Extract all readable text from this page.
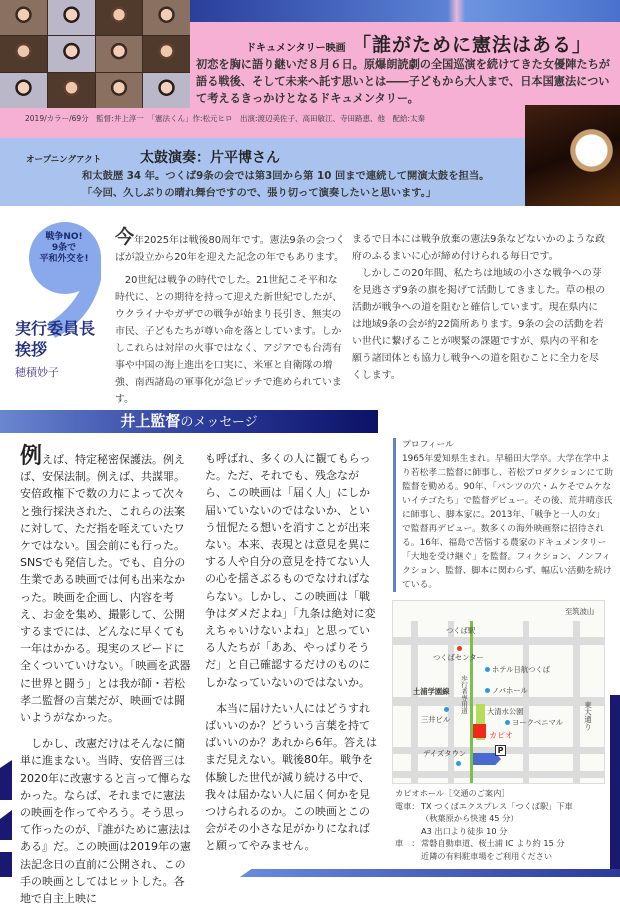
ドキュメンタリー映画 「誰がために憲法はある」
初恋を胸に語り継いだ８月６日。原爆朗読劇の全国巡演を続けてきた女優陣たちが語る戦後、そして未来へ託す思いとは――子どもから大人まで、日本国憲法について考えるきっかけとなるドキュメンタリー。
2019/カラー/69分　監督:井上淳一　「憲法くん」作:松元ヒロ　出演:渡辺美佐子、高田敏江、寺田路恵、他　配給:太秦
オープニングアクト	太鼓演奏：片平博さん
和太鼓歴 34 年。つくば9条の会では第3回から第 10 回まで連続して開演太鼓を担当。
「今回、久しぶりの晴れ舞台ですので、張り切って演奏したいと思います。」
戦争NO!
9条で
平和外交を!
実行委員長
挨拶
穂積妙子

今年2025年は戦後80周年です。憲法9条の会つくばが設立から20年を迎えた記念の年でもあります。

20世紀は戦争の時代でした。21世紀こそ平和な時代に、との期待を持って迎えた新世紀でしたが、ウクライナやガザでの戦争が始まり長引き、無実の市民、子どもたちが尊い命を落としています。しかしこれらは対岸の火事ではなく、アジアでも台湾有事や中国の海上進出を口実に、米軍と自衛隊の増強、南西諸島の軍事化が急ピッチで進められています。

まるで日本には戦争放棄の憲法9条などないかのような政府のふるまいに心が締め付けられる毎日です。

しかしこの20年間、私たちは地域の小さな戦争への芽を見逃さず9条の旗を掲げて活動してきました。草の根の活動が戦争への道を阻むと確信しています。現在県内には地域9条の会が約22箇所あります。9条の会の活動を若い世代に繋げることが喫緊の課題ですが、県内の平和を願う諸団体とも協力し戦争への道を阻むことに全力を尽くします。

井上監督のメッセージ

例えば、特定秘密保護法。例えば、安保法制。例えば、共謀罪。安倍政権下で数の力によって次々と強行採決された、これらの法案に対して、ただ指を咥えていたワケではない。国会前にも行った。SNSでも発信した。でも、自分の生業である映画では何も出来なかった。映画を企画し、内容を考え、お金を集め、撮影して、公開するまでには、どんなに早くても一年はかかる。現実のスピードに全くついていけない。「映画を武器に世界と闘う」とは我が師・若松孝二監督の言葉だが、映画では闘いようがなかった。

しかし、改憲だけはそんなに簡単に進まない。当時、安倍晋三は2020年に改憲すると言って憚らなかった。ならば、それまでに憲法の映画を作ってやろう。そう思って作ったのが、『誰がために憲法はある』だ。この映画は2019年の憲法記念日の直前に公開され、この手の映画としてはヒットした。各地で自主上映に

も呼ばれ、多くの人に観てもらった。ただ、それでも、残念ながら、この映画は「届く人」にしか届いていないのではないか、という忸怩たる想いを消すことが出来ない。本来、表現とは意見を異にする人や自分の意見を持てない人の心を揺さぶるものでなければならない。しかし、この映画は「戦争はダメだよね」「九条は絶対に変えちゃいけないよね」と思っている人たちが「ああ、やっぱりそうだ」と自己確認するだけのものにしかなっていないのではないか。

本当に届けたい人にはどうすればいいのか？どういう言葉を持てばいいのか？あれから6年。答えはまだ見えない。戦後80年。戦争を体験した世代が減り続ける中で、我々は届かない人に届く何かを見つけられるのか。この映画とこの会がその小さな足がかりになればと願ってやみません。

プロフィール
1965年愛知県生まれ。早稲田大学卒。大学在学中より若松孝二監督に師事し、若松プロダクションにて助監督を勤める。90年、「パンツの穴・ムケそでムケないイチゴたち」で監督デビュー。その後、荒井晴彦氏に師事し、脚本家に。2013年、「戦争と一人の女」で監督再デビュー。数多くの海外映画祭に招待される。16年、福島で苦悩する農家のドキュメンタリー「大地を受け継ぐ」を監督。フィクション、ノンフィクション、監督、脚本に関わらず、幅広い活動を続けている。
P
至筑波山
つくば駅
つくばセンター
ホテル日航つくば
ノバホール
土浦学園線 歩行者専用道
三井ビル
大清水公園
ヨークベニマル	東大通り
カピオ
デイズタウン
カピオホール［交通のご案内］
電車： TX つくばエクスプレス「つくば駅」下車
（秋葉原から快速 45 分）
A3 出口より徒歩 10 分
車　： 常磐自動車道、桜土浦 IC より約 15 分
近隣の有料駐車場をご利用ください
